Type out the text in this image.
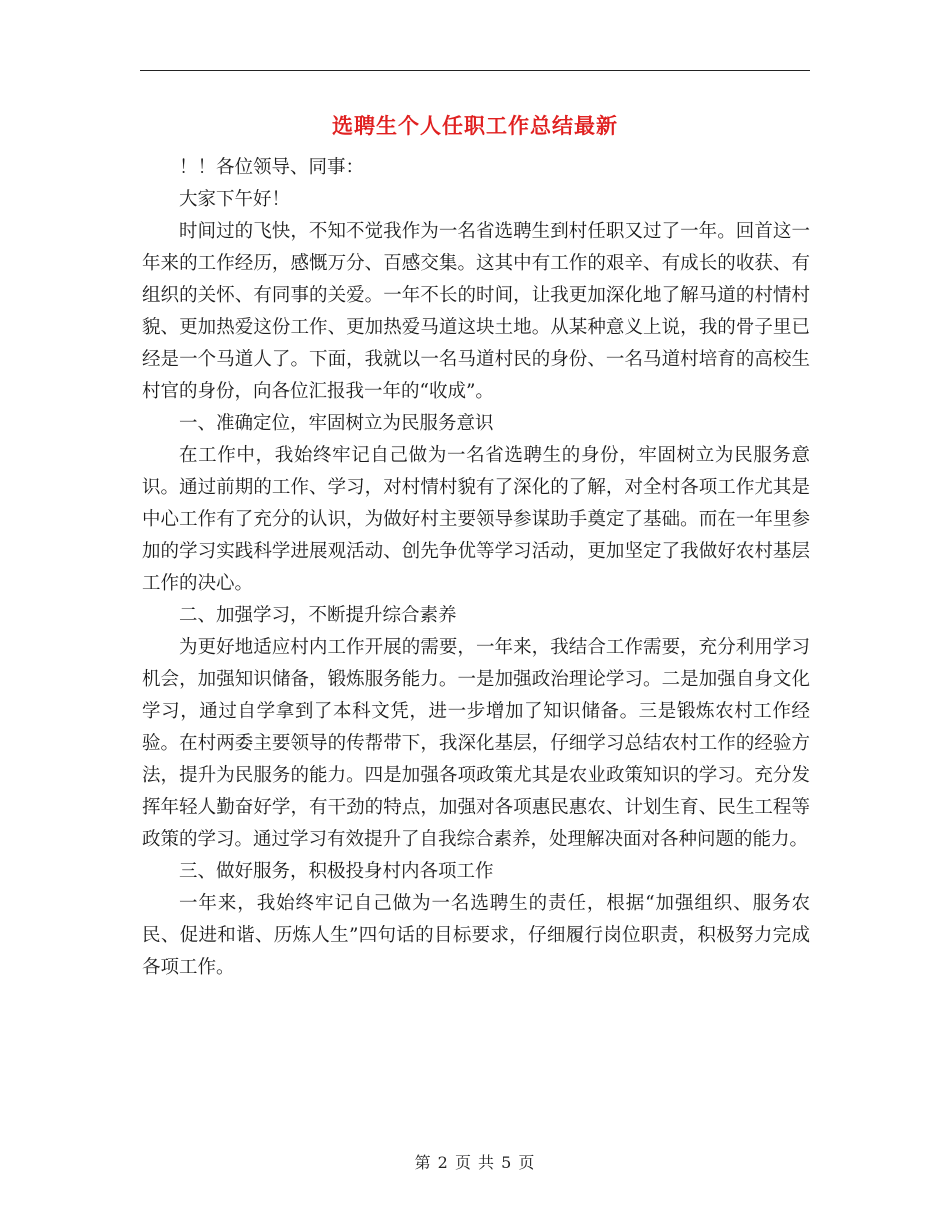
选聘生个人任职工作总结最新

！！各位领导、同事：

大家下午好！

时间过的飞快，不知不觉我作为一名省选聘生到村任职又过了一年。回首这一年来的工作经历，感慨万分、百感交集。这其中有工作的艰辛、有成长的收获、有组织的关怀、有同事的关爱。一年不长的时间，让我更加深化地了解马道的村情村貌、更加热爱这份工作、更加热爱马道这块土地。从某种意义上说，我的骨子里已经是一个马道人了。下面，我就以一名马道村民的身份、一名马道村培育的高校生村官的身份，向各位汇报我一年的“收成”。

一、准确定位，牢固树立为民服务意识

在工作中，我始终牢记自己做为一名省选聘生的身份，牢固树立为民服务意识。通过前期的工作、学习，对村情村貌有了深化的了解，对全村各项工作尤其是中心工作有了充分的认识，为做好村主要领导参谋助手奠定了基础。而在一年里参加的学习实践科学进展观活动、创先争优等学习活动，更加坚定了我做好农村基层工作的决心。

二、加强学习，不断提升综合素养

为更好地适应村内工作开展的需要，一年来，我结合工作需要，充分利用学习机会，加强知识储备，锻炼服务能力。一是加强政治理论学习。二是加强自身文化学习，通过自学拿到了本科文凭，进一步增加了知识储备。三是锻炼农村工作经验。在村两委主要领导的传帮带下，我深化基层，仔细学习总结农村工作的经验方法，提升为民服务的能力。四是加强各项政策尤其是农业政策知识的学习。充分发挥年轻人勤奋好学，有干劲的特点，加强对各项惠民惠农、计划生育、民生工程等政策的学习。通过学习有效提升了自我综合素养，处理解决面对各种问题的能力。

三、做好服务，积极投身村内各项工作

一年来，我始终牢记自己做为一名选聘生的责任，根据“加强组织、服务农民、促进和谐、历炼人生”四句话的目标要求，仔细履行岗位职责，积极努力完成各项工作。

第 2 页 共 5 页
